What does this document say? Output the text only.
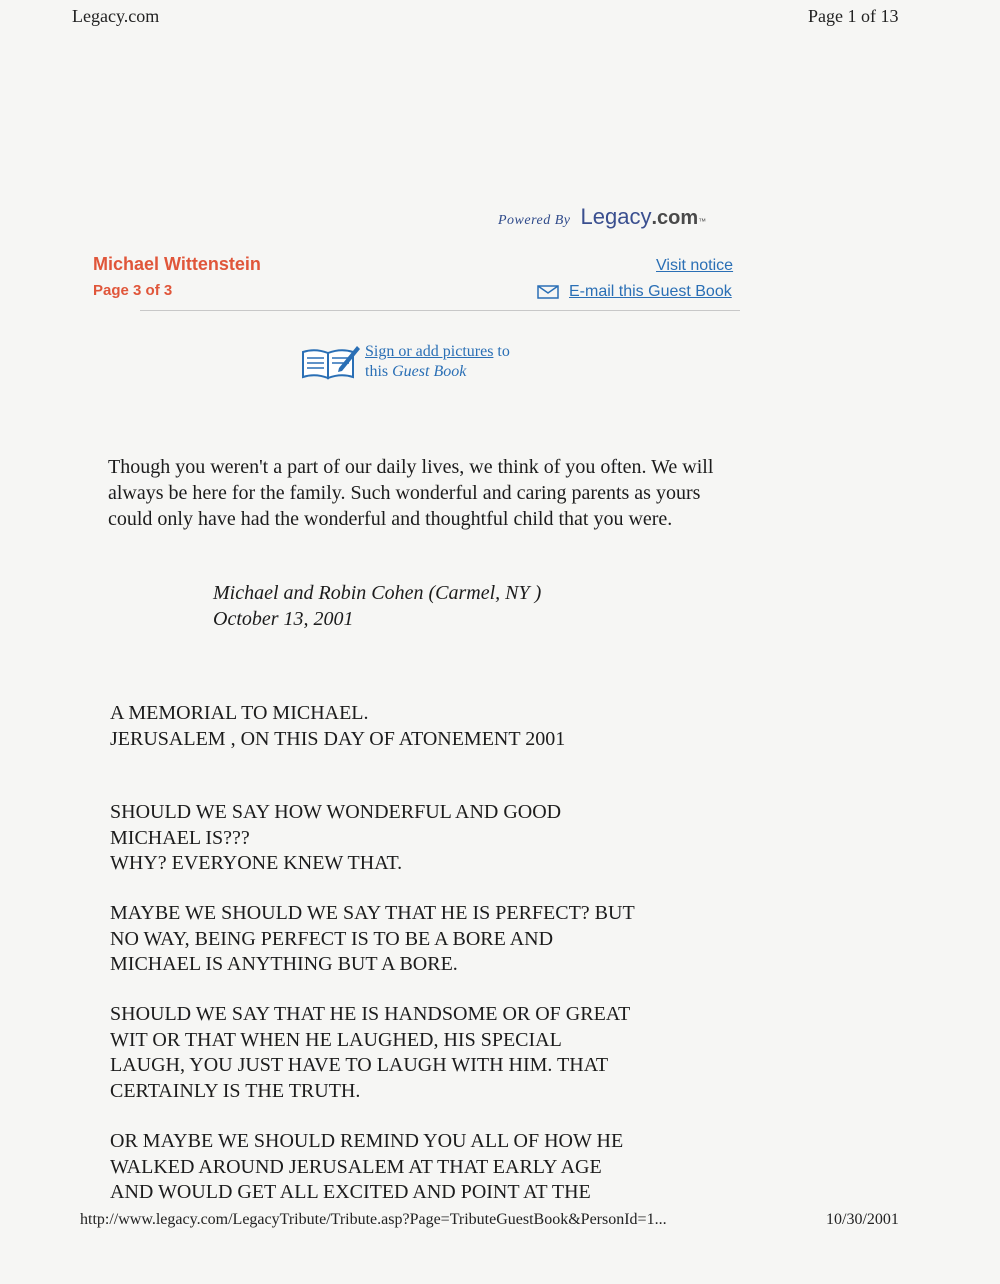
Legacy.com	Page 1 of 13
Powered By Legacy.com™
Michael Wittenstein
Page 3 of 3
Visit notice
E-mail this Guest Book
Sign or add pictures to
this Guest Book
Though you weren't a part of our daily lives, we think of you often. We will always be here for the family. Such wonderful and caring parents as yours could only have had the wonderful and thoughtful child that you were.
Michael and Robin Cohen (Carmel, NY )
October 13, 2001
A MEMORIAL TO MICHAEL.
JERUSALEM , ON THIS DAY OF ATONEMENT 2001
SHOULD WE SAY HOW WONDERFUL AND GOOD
MICHAEL IS???
WHY? EVERYONE KNEW THAT.
MAYBE WE SHOULD WE SAY THAT HE IS PERFECT? BUT
NO WAY, BEING PERFECT IS TO BE A BORE AND
MICHAEL IS ANYTHING BUT A BORE.
SHOULD WE SAY THAT HE IS HANDSOME OR OF GREAT
WIT OR THAT WHEN HE LAUGHED, HIS SPECIAL
LAUGH, YOU JUST HAVE TO LAUGH WITH HIM. THAT
CERTAINLY IS THE TRUTH.
OR MAYBE WE SHOULD REMIND YOU ALL OF HOW HE
WALKED AROUND JERUSALEM AT THAT EARLY AGE
AND WOULD GET ALL EXCITED AND POINT AT THE
http://www.legacy.com/LegacyTribute/Tribute.asp?Page=TributeGuestBook&PersonId=1...	10/30/2001
